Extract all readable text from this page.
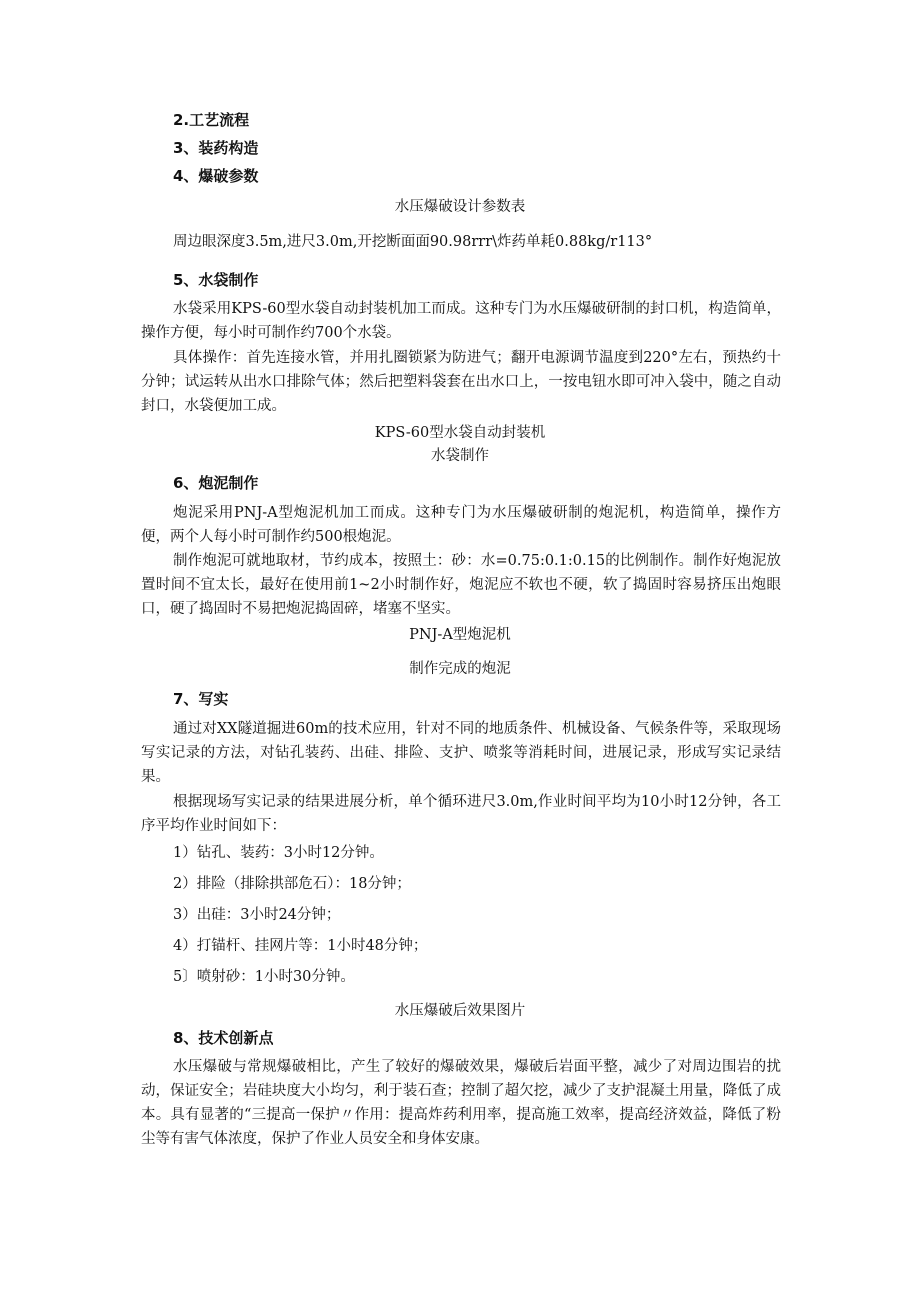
2.工艺流程
3、装药构造
4、爆破参数
水压爆破设计参数表
周边眼深度3.5m,进尺3.0m,开挖断面面90.98rrr\炸药单耗0.88kg∕r113°
5、水袋制作
水袋采用KPS-60型水袋自动封装机加工而成。这种专门为水压爆破研制的封口机，构造简单，操作方便，每小时可制作约700个水袋。
具体操作：首先连接水管，并用扎圈锁紧为防进气；翻开电源调节温度到220°左右，预热约十分钟；试运转从出水口排除气体；然后把塑料袋套在出水口上，一按电钮水即可冲入袋中，随之自动封口，水袋便加工成。
KPS-60型水袋自动封装机
水袋制作
6、炮泥制作
炮泥采用PNJ-A型炮泥机加工而成。这种专门为水压爆破研制的炮泥机，构造简单，操作方便，两个人每小时可制作约500根炮泥。
制作炮泥可就地取材，节约成本，按照土：砂：水=0.75:0.1:0.15的比例制作。制作好炮泥放置时间不宜太长，最好在使用前1~2小时制作好，炮泥应不软也不硬，软了捣固时容易挤压出炮眼口，硬了捣固时不易把炮泥捣固碎，堵塞不坚实。
PNJ-A型炮泥机
制作完成的炮泥
7、写实
通过对XX隧道掘进60m的技术应用，针对不同的地质条件、机械设备、气候条件等，采取现场写实记录的方法，对钻孔装药、出硅、排险、支护、喷浆等消耗时间，进展记录，形成写实记录结果。
根据现场写实记录的结果进展分析，单个循环进尺3.0m,作业时间平均为10小时12分钟，各工序平均作业时间如下：
1）钻孔、装药：3小时12分钟。
2）排险（排除拱部危石）：18分钟；
3）出硅：3小时24分钟；
4）打锚杆、挂网片等：1小时48分钟；
5〕喷射砂：1小时30分钟。
水压爆破后效果图片
8、技术创新点
水压爆破与常规爆破相比，产生了较好的爆破效果，爆破后岩面平整，减少了对周边围岩的扰动，保证安全；岩硅块度大小均匀，利于装石查；控制了超欠挖，减少了支护混凝土用量，降低了成本。具有显著的“三提高一保护〃作用：提高炸药利用率，提高施工效率，提高经济效益，降低了粉尘等有害气体浓度，保护了作业人员安全和身体安康。
